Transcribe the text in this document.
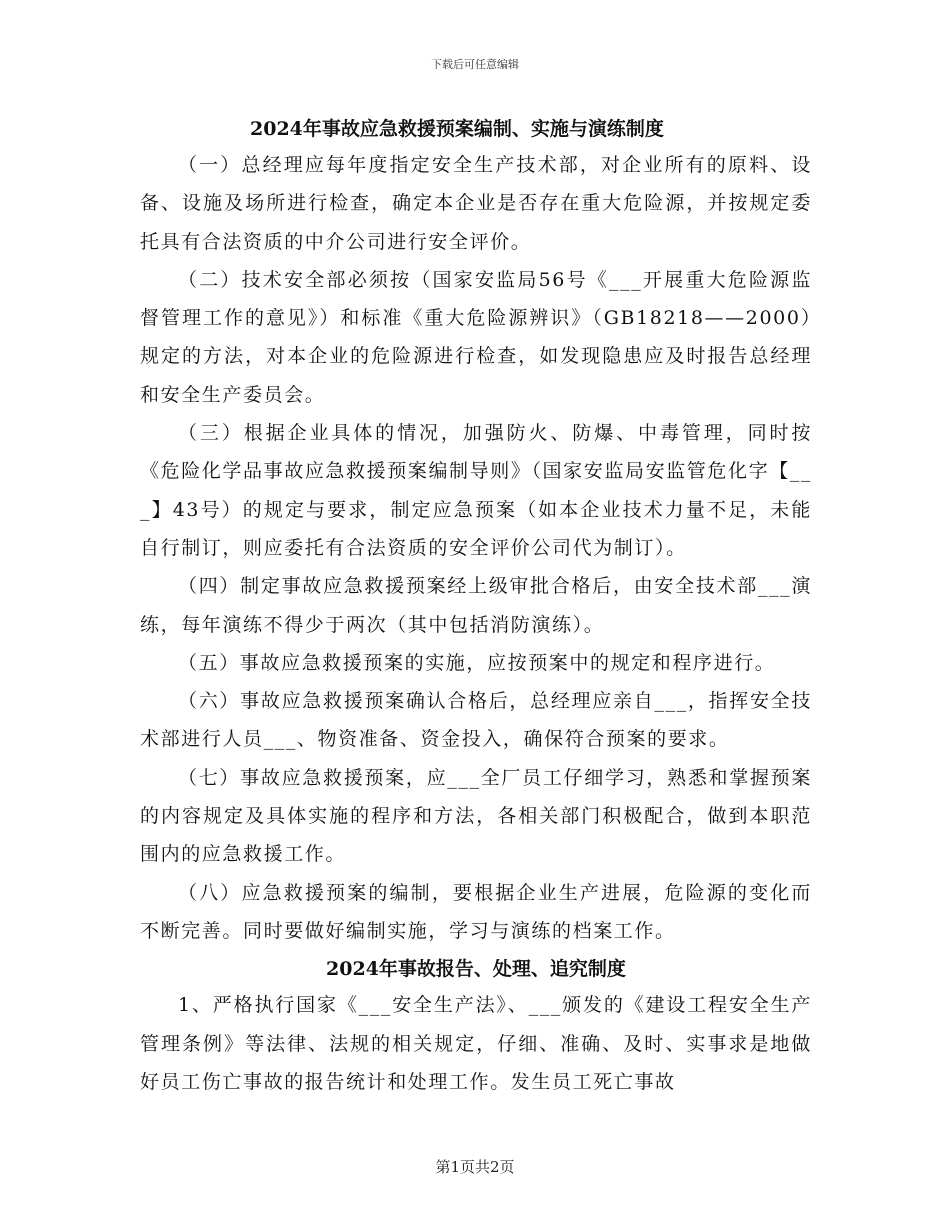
下载后可任意编辑
2024年事故应急救援预案编制、实施与演练制度

（一）总经理应每年度指定安全生产技术部，对企业所有的原料、设备、设施及场所进行检查，确定本企业是否存在重大危险源，并按规定委托具有合法资质的中介公司进行安全评价。

（二）技术安全部必须按（国家安监局56号《___开展重大危险源监督管理工作的意见》）和标准《重大危险源辨识》（GB18218——2000）规定的方法，对本企业的危险源进行检查，如发现隐患应及时报告总经理和安全生产委员会。

（三）根据企业具体的情况，加强防火、防爆、中毒管理，同时按《危险化学品事故应急救援预案编制导则》（国家安监局安监管危化字【___】43号）的规定与要求，制定应急预案（如本企业技术力量不足，未能自行制订，则应委托有合法资质的安全评价公司代为制订）。

（四）制定事故应急救援预案经上级审批合格后，由安全技术部___演练，每年演练不得少于两次（其中包括消防演练）。

（五）事故应急救援预案的实施，应按预案中的规定和程序进行。

（六）事故应急救援预案确认合格后，总经理应亲自___，指挥安全技术部进行人员___、物资准备、资金投入，确保符合预案的要求。

（七）事故应急救援预案，应___全厂员工仔细学习，熟悉和掌握预案的内容规定及具体实施的程序和方法，各相关部门积极配合，做到本职范围内的应急救援工作。

（八）应急救援预案的编制，要根据企业生产进展，危险源的变化而不断完善。同时要做好编制实施，学习与演练的档案工作。

2024年事故报告、处理、追究制度

1、严格执行国家《___安全生产法》、___颁发的《建设工程安全生产管理条例》等法律、法规的相关规定，仔细、准确、及时、实事求是地做好员工伤亡事故的报告统计和处理工作。发生员工死亡事故

第1页共2页
